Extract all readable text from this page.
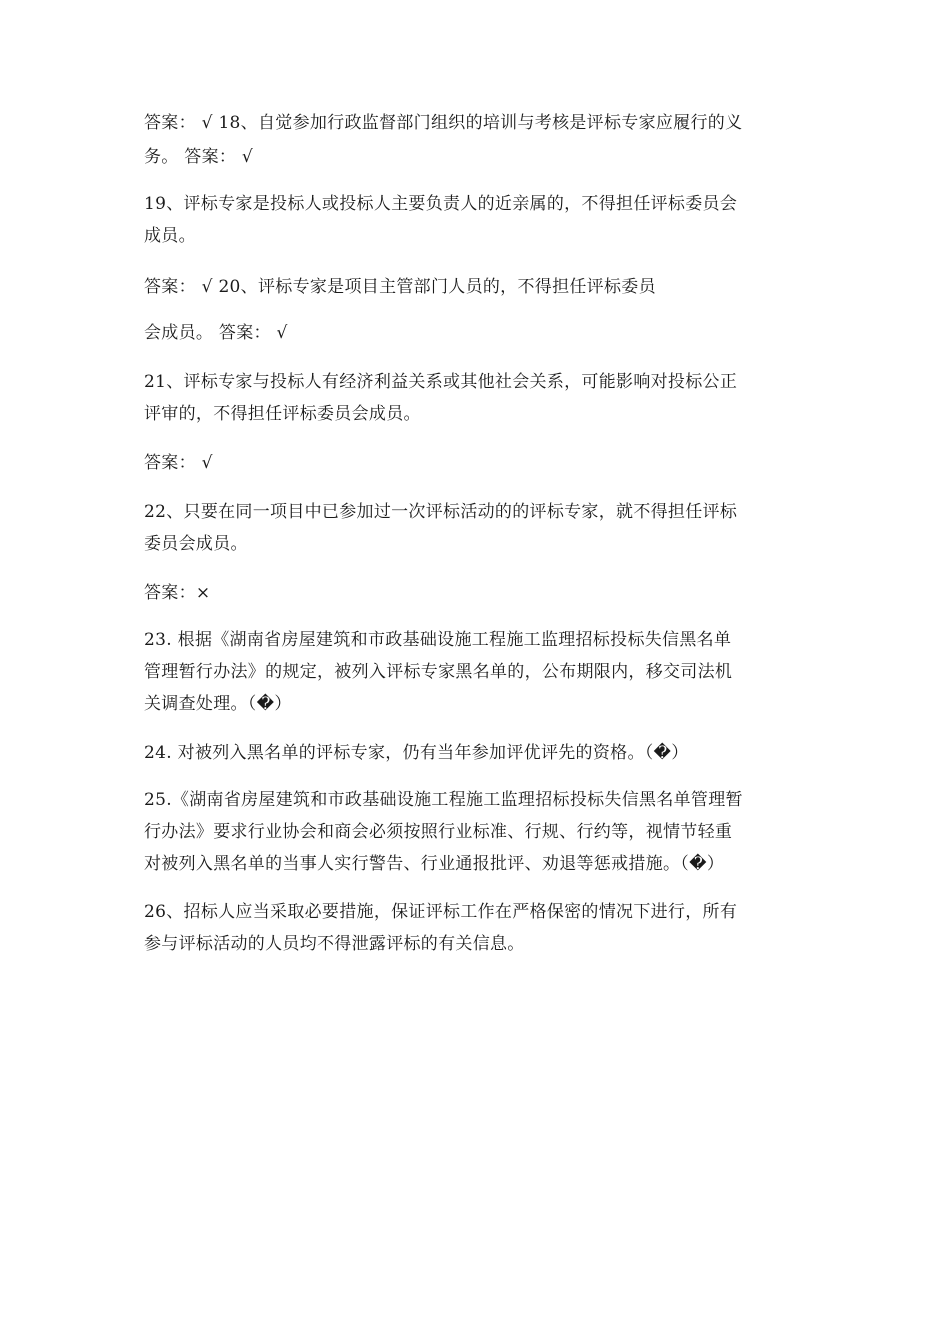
答案： √ 18、自觉参加行政监督部门组织的培训与考核是评标专家应履行的义
务。 答案： √

19、评标专家是投标人或投标人主要负责人的近亲属的，不得担任评标委员会
成员。

答案： √ 20、评标专家是项目主管部门人员的，不得担任评标委员
会成员。 答案： √

21、评标专家与投标人有经济利益关系或其他社会关系，可能影响对投标公正
评审的，不得担任评标委员会成员。

答案： √

22、只要在同一项目中已参加过一次评标活动的的评标专家，就不得担任评标
委员会成员。

答案：×

23. 根据《湖南省房屋建筑和市政基础设施工程施工监理招标投标失信黑名单
管理暂行办法》的规定，被列入评标专家黑名单的，公布期限内，移交司法机
关调查处理。（�）

24. 对被列入黑名单的评标专家，仍有当年参加评优评先的资格。（�）

25.《湖南省房屋建筑和市政基础设施工程施工监理招标投标失信黑名单管理暂
行办法》要求行业协会和商会必须按照行业标准、行规、行约等，视情节轻重
对被列入黑名单的当事人实行警告、行业通报批评、劝退等惩戒措施。（�）

26、招标人应当采取必要措施，保证评标工作在严格保密的情况下进行，所有
参与评标活动的人员均不得泄露评标的有关信息。
